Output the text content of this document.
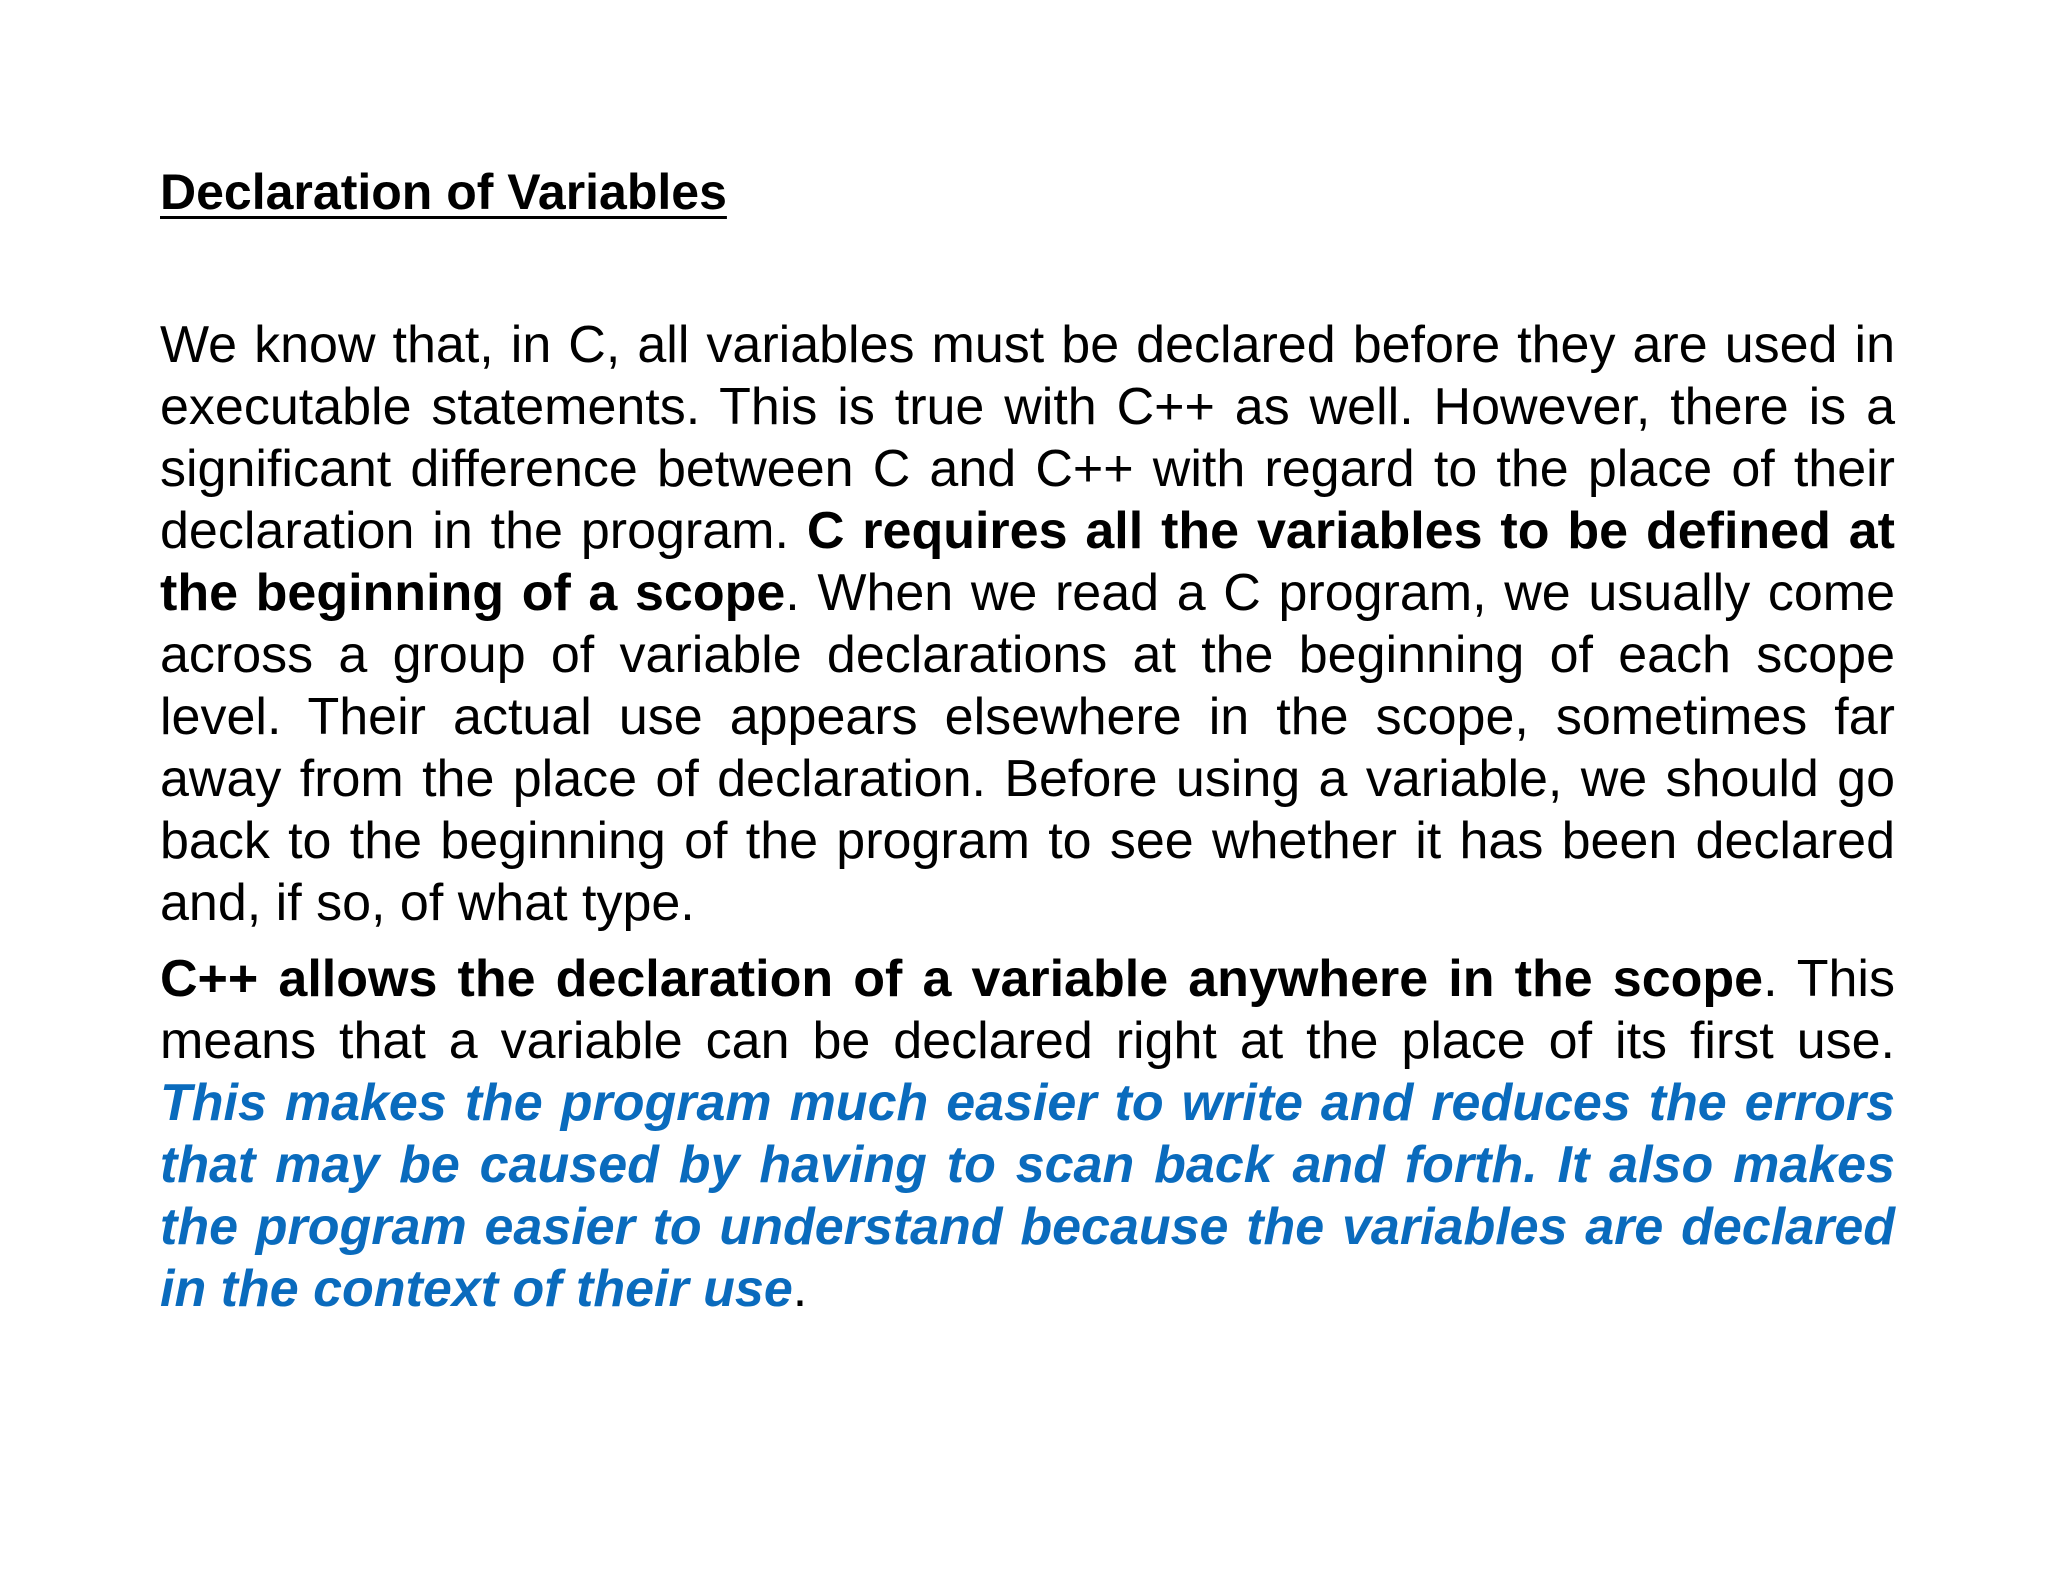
Declaration of Variables

We know that, in C, all variables must be declared before they are used in executable statements. This is true with C++ as well. However, there is a significant difference between C and C++ with regard to the place of their declaration in the program. C requires all the variables to be defined at the beginning of a scope. When we read a C program, we usually come across a group of variable declarations at the beginning of each scope level. Their actual use appears elsewhere in the scope, sometimes far away from the place of declaration. Before using a variable, we should go back to the beginning of the program to see whether it has been declared and, if so, of what type.

C++ allows the declaration of a variable anywhere in the scope. This means that a variable can be declared right at the place of its first use. This makes the program much easier to write and reduces the errors that may be caused by having to scan back and forth. It also makes the program easier to understand because the variables are declared in the context of their use.
